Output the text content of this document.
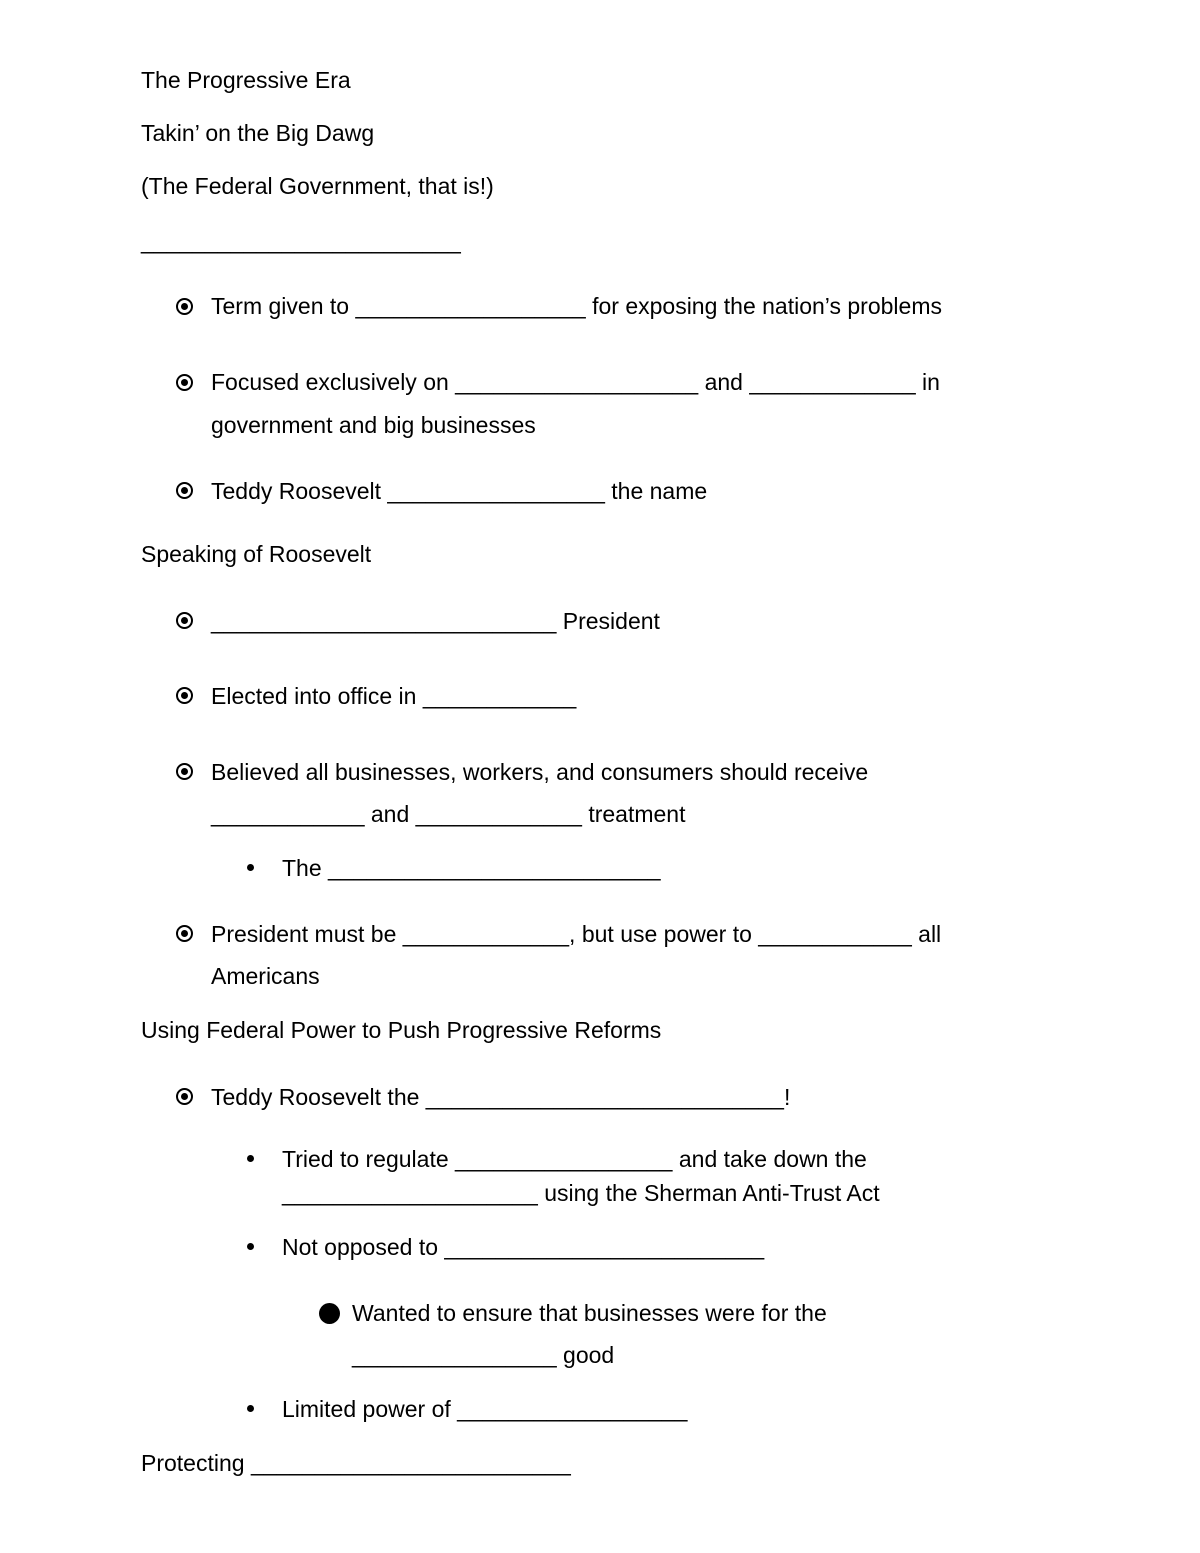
The Progressive Era
Takin’ on the Big Dawg
(The Federal Government, that is!)
_________________________
Term given to __________________ for exposing the nation’s problems
Focused exclusively on ___________________ and _____________ in
government and big businesses
Teddy Roosevelt _________________ the name
Speaking of Roosevelt
___________________________ President
Elected into office in ____________
Believed all businesses, workers, and consumers should receive
____________ and _____________ treatment
The __________________________
President must be _____________, but use power to ____________ all
Americans
Using Federal Power to Push Progressive Reforms
Teddy Roosevelt the ____________________________!
Tried to regulate _________________ and take down the
____________________ using the Sherman Anti-Trust Act
Not opposed to _________________________
Wanted to ensure that businesses were for the
________________ good
Limited power of __________________
Protecting _________________________
